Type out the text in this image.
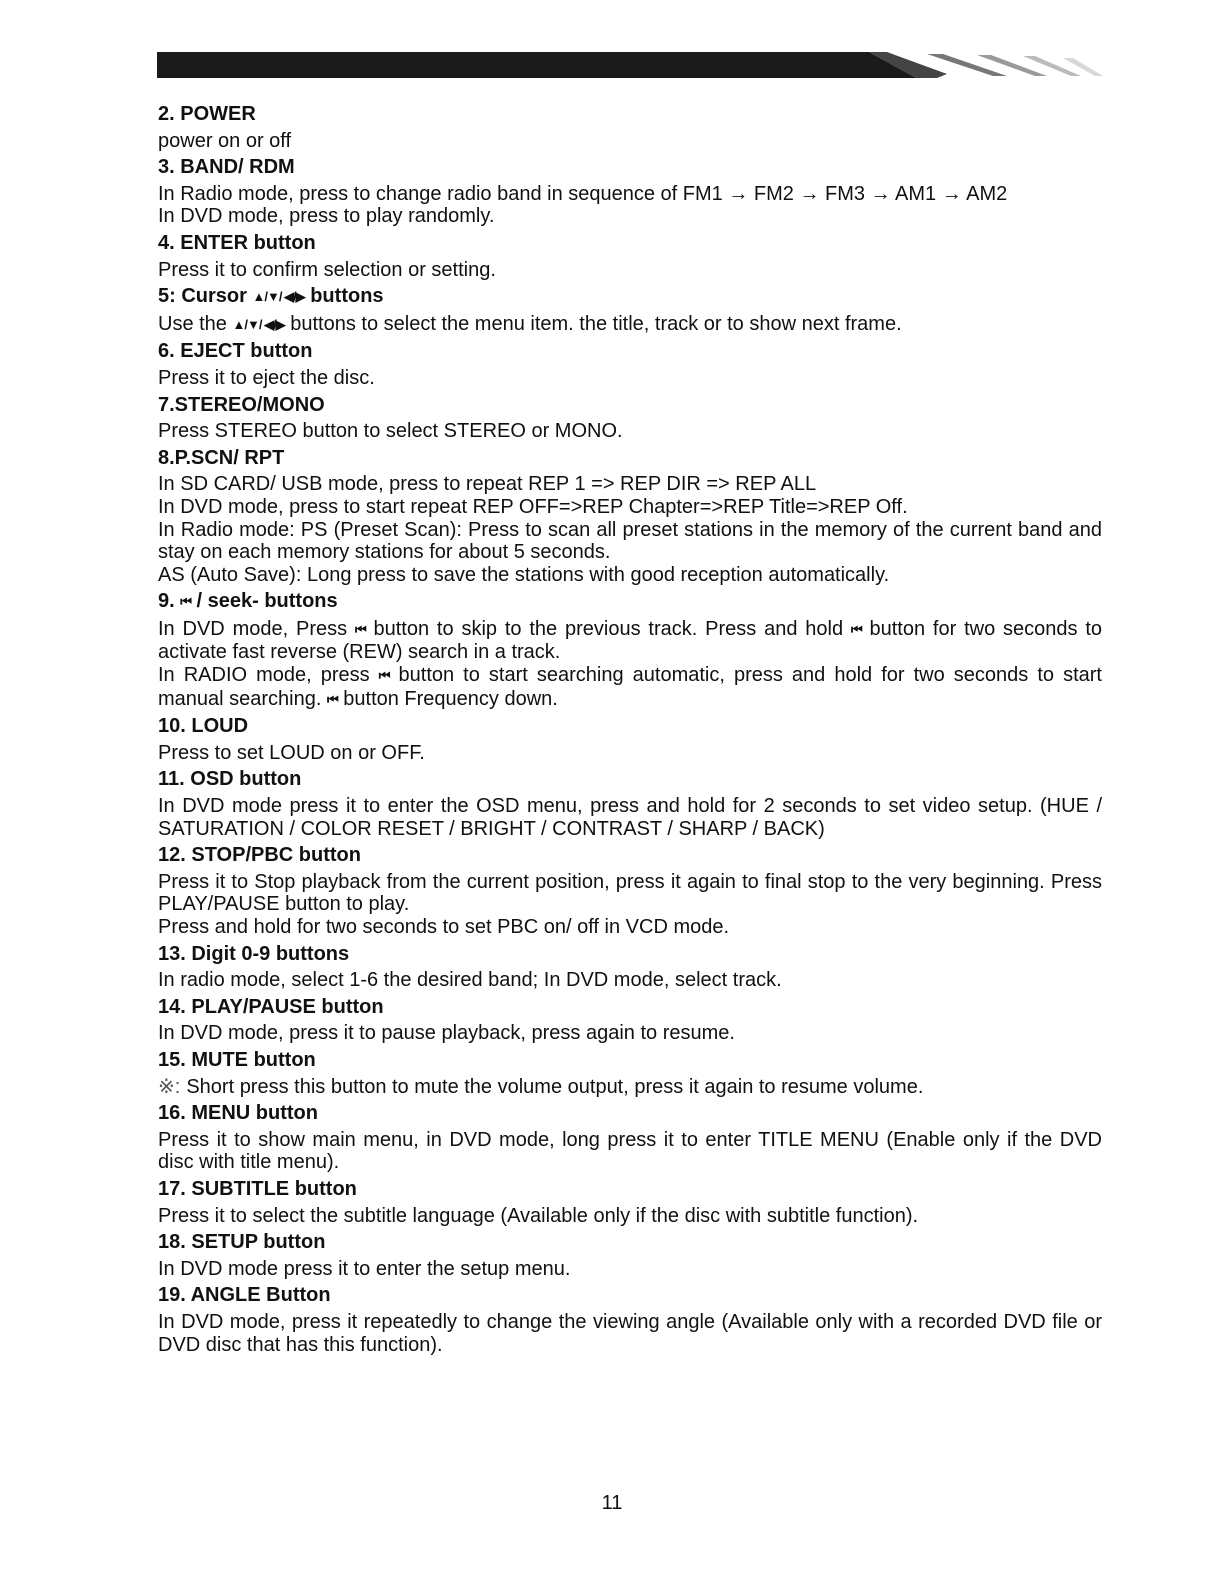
2. POWER
power on or off
3. BAND/ RDM
In Radio mode, press to change radio band in sequence of FM1 → FM2 → FM3 → AM1 → AM2
In DVD mode, press to play randomly.
4. ENTER button
Press it to confirm selection or setting.
5: Cursor ▲/▼/ ◀/▶ buttons
Use the ▲/▼/ ◀/▶ buttons to select the menu item. the title, track or to show next frame.
6. EJECT button
Press it to eject the disc.
7.STEREO/MONO
Press STEREO button to select STEREO or MONO.
8.P.SCN/ RPT
In SD CARD/ USB mode, press to repeat REP 1 => REP DIR => REP ALL
In DVD mode, press to start repeat REP OFF=>REP Chapter=>REP Title=>REP Off.
In Radio mode: PS (Preset Scan): Press to scan all preset stations in the memory of the current band and stay on each memory stations for about 5 seconds.
AS (Auto Save): Long press to save the stations with good reception automatically.
9. ⏮ / seek- buttons
In DVD mode, Press ⏮ button to skip to the previous track. Press and hold ⏮ button for two seconds to activate fast reverse (REW) search in a track.
In RADIO mode, press ⏮ button to start searching automatic, press and hold for two seconds to start manual searching. ⏮ button Frequency down.
10. LOUD
Press to set LOUD on or OFF.
11. OSD button
In DVD mode press it to enter the OSD menu, press and hold for 2 seconds to set video setup. (HUE / SATURATION / COLOR RESET / BRIGHT / CONTRAST / SHARP / BACK)
12. STOP/PBC button
Press it to Stop playback from the current position, press it again to final stop to the very beginning. Press PLAY/PAUSE button to play.
Press and hold for two seconds to set PBC on/ off in VCD mode.
13. Digit 0-9 buttons
In radio mode, select 1-6 the desired band; In DVD mode, select track.
14. PLAY/PAUSE button
In DVD mode, press it to pause playback, press again to resume.
15. MUTE button
※: Short press this button to mute the volume output, press it again to resume volume.
16. MENU button
Press it to show main menu, in DVD mode, long press it to enter TITLE MENU (Enable only if the DVD disc with title menu).
17. SUBTITLE button
Press it to select the subtitle language (Available only if the disc with subtitle function).
18. SETUP button
In DVD mode press it to enter the setup menu.
19. ANGLE Button
In DVD mode, press it repeatedly to change the viewing angle (Available only with a recorded DVD file or DVD disc that has this function).
11
